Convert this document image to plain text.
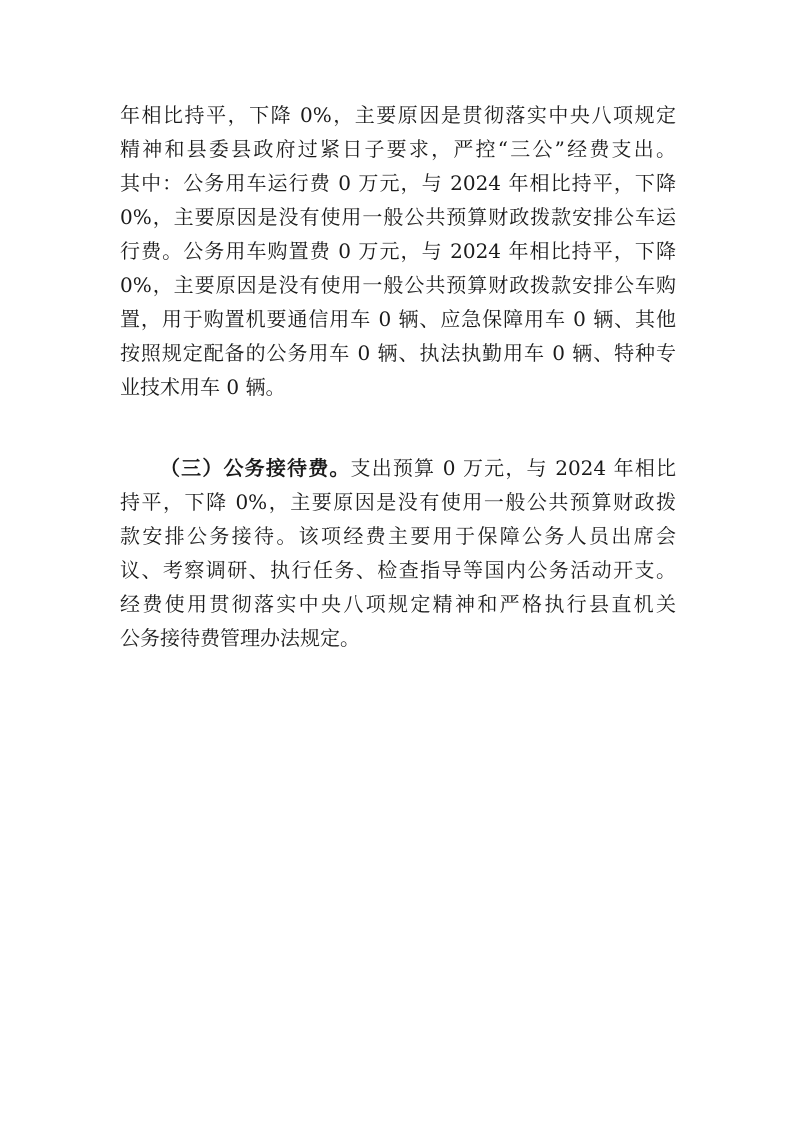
年相比持平，下降 0%，主要原因是贯彻落实中央八项规定
精神和县委县政府过紧日子要求，严控“三公”经费支出。
其中：公务用车运行费 0 万元，与 2024 年相比持平，下降
0%，主要原因是没有使用一般公共预算财政拨款安排公车运
行费。公务用车购置费 0 万元，与 2024 年相比持平，下降
0%，主要原因是没有使用一般公共预算财政拨款安排公车购
置，用于购置机要通信用车 0 辆、应急保障用车 0 辆、其他
按照规定配备的公务用车 0 辆、执法执勤用车 0 辆、特种专
业技术用车 0 辆。
（三）公务接待费。支出预算 0 万元，与 2024 年相比
持平，下降 0%，主要原因是没有使用一般公共预算财政拨
款安排公务接待。该项经费主要用于保障公务人员出席会
议、考察调研、执行任务、检查指导等国内公务活动开支。
经费使用贯彻落实中央八项规定精神和严格执行县直机关
公务接待费管理办法规定。
